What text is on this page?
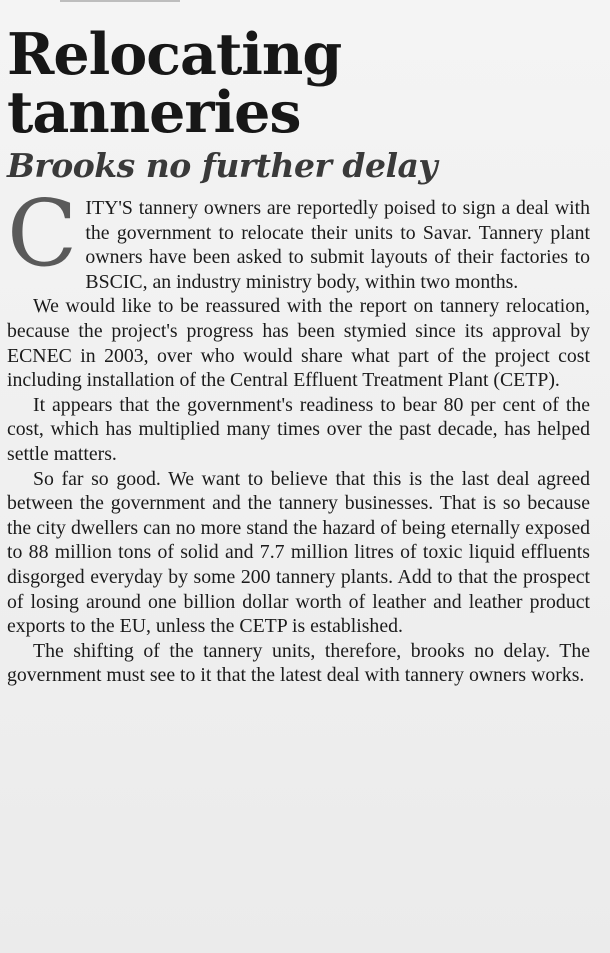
Relocating tanneries
Brooks no further delay

CITY'S tannery owners are reportedly poised to sign a deal with the government to relocate their units to Savar. Tannery plant owners have been asked to submit layouts of their factories to BSCIC, an industry ministry body, within two months.

We would like to be reassured with the report on tannery relocation, because the project's progress has been stymied since its approval by ECNEC in 2003, over who would share what part of the project cost including installation of the Central Effluent Treatment Plant (CETP).

It appears that the government's readiness to bear 80 per cent of the cost, which has multiplied many times over the past decade, has helped settle matters.

So far so good. We want to believe that this is the last deal agreed between the government and the tannery businesses. That is so because the city dwellers can no more stand the hazard of being eternally exposed to 88 million tons of solid and 7.7 million litres of toxic liquid effluents disgorged everyday by some 200 tannery plants. Add to that the prospect of losing around one billion dollar worth of leather and leather product exports to the EU, unless the CETP is established.

The shifting of the tannery units, therefore, brooks no delay. The government must see to it that the latest deal with tannery owners works.
